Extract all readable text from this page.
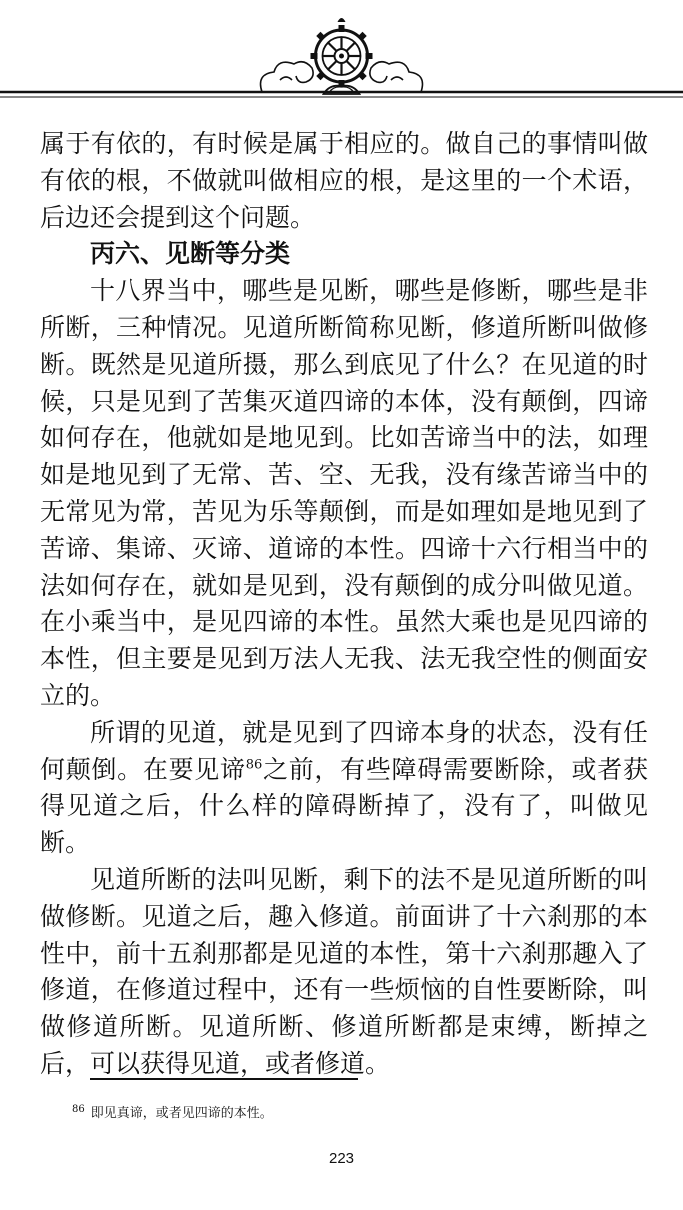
属于有依的，有时候是属于相应的。做自己的事情叫做有依的根，不做就叫做相应的根，是这里的一个术语，后边还会提到这个问题。

丙六、见断等分类

十八界当中，哪些是见断，哪些是修断，哪些是非所断，三种情况。见道所断简称见断，修道所断叫做修断。既然是见道所摄，那么到底见了什么？在见道的时候，只是见到了苦集灭道四谛的本体，没有颠倒，四谛如何存在，他就如是地见到。比如苦谛当中的法，如理如是地见到了无常、苦、空、无我，没有缘苦谛当中的无常见为常，苦见为乐等颠倒，而是如理如是地见到了苦谛、集谛、灭谛、道谛的本性。四谛十六行相当中的法如何存在，就如是见到，没有颠倒的成分叫做见道。在小乘当中，是见四谛的本性。虽然大乘也是见四谛的本性，但主要是见到万法人无我、法无我空性的侧面安立的。

所谓的见道，就是见到了四谛本身的状态，没有任何颠倒。在要见谛$^{86}$之前，有些障碍需要断除，或者获得见道之后，什么样的障碍断掉了，没有了，叫做见断。

见道所断的法叫见断，剩下的法不是见道所断的叫做修断。见道之后，趣入修道。前面讲了十六刹那的本性中，前十五刹那都是见道的本性，第十六刹那趣入了修道，在修道过程中，还有一些烦恼的自性要断除，叫做修道所断。见道所断、修道所断都是束缚，断掉之后，可以获得见道，或者修道。

$^{86}$ 即见真谛，或者见四谛的本性。
223
